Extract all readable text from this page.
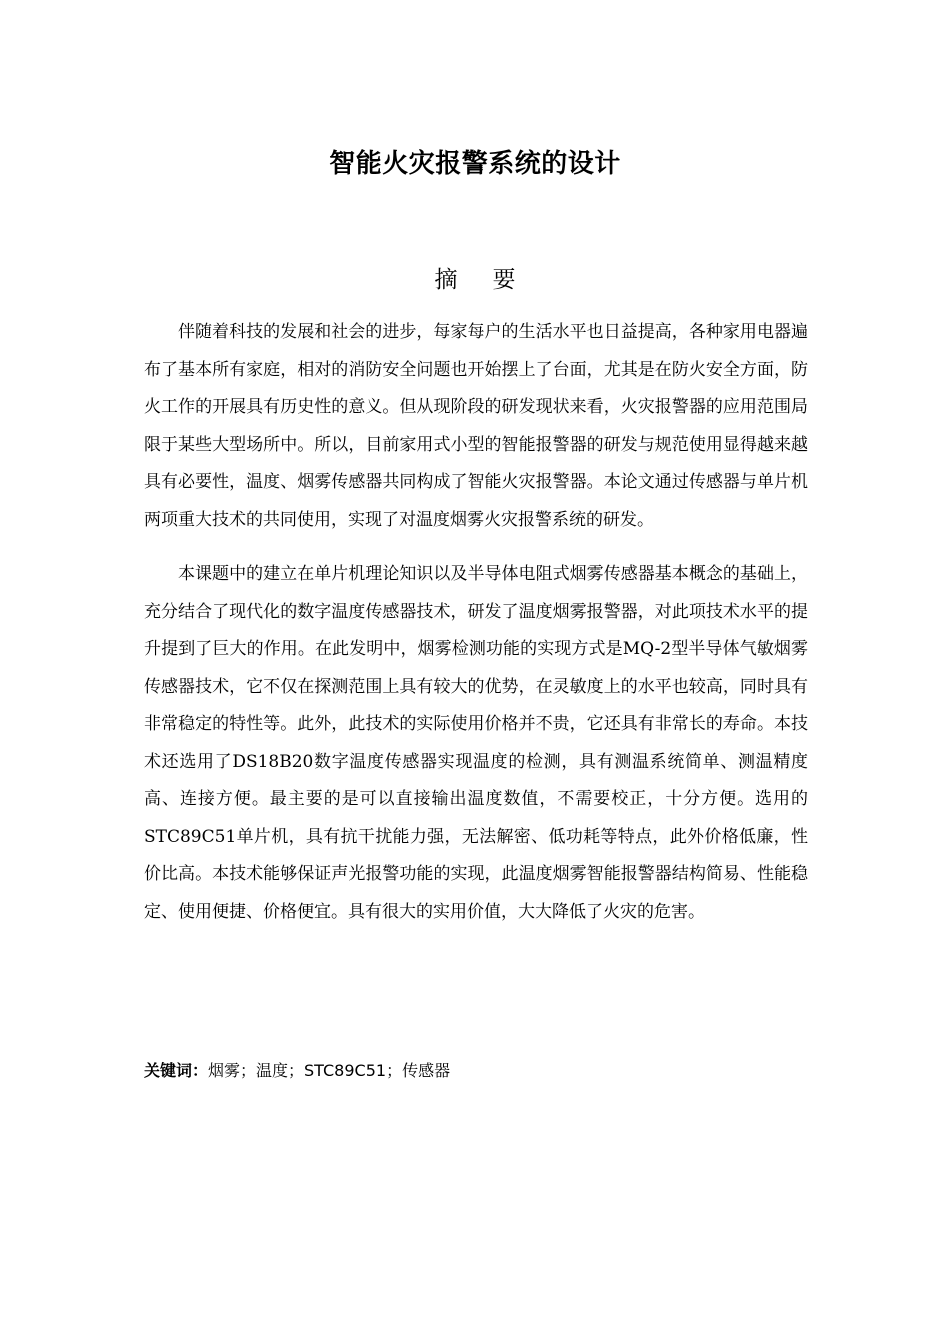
智能火灾报警系统的设计
摘 要

伴随着科技的发展和社会的进步，每家每户的生活水平也日益提高，各种家用电器遍布了基本所有家庭，相对的消防安全问题也开始摆上了台面，尤其是在防火安全方面，防火工作的开展具有历史性的意义。但从现阶段的研发现状来看，火灾报警器的应用范围局限于某些大型场所中。所以，目前家用式小型的智能报警器的研发与规范使用显得越来越具有必要性，温度、烟雾传感器共同构成了智能火灾报警器。本论文通过传感器与单片机两项重大技术的共同使用，实现了对温度烟雾火灾报警系统的研发。

本课题中的建立在单片机理论知识以及半导体电阻式烟雾传感器基本概念的基础上，充分结合了现代化的数字温度传感器技术，研发了温度烟雾报警器，对此项技术水平的提升提到了巨大的作用。在此发明中，烟雾检测功能的实现方式是MQ-2型半导体气敏烟雾传感器技术，它不仅在探测范围上具有较大的优势，在灵敏度上的水平也较高，同时具有非常稳定的特性等。此外，此技术的实际使用价格并不贵，它还具有非常长的寿命。本技术还选用了DS18B20数字温度传感器实现温度的检测，具有测温系统简单、测温精度高、连接方便。最主要的是可以直接输出温度数值，不需要校正，十分方便。选用的STC89C51单片机，具有抗干扰能力强，无法解密、低功耗等特点，此外价格低廉，性价比高。本技术能够保证声光报警功能的实现，此温度烟雾智能报警器结构简易、性能稳定、使用便捷、价格便宜。具有很大的实用价值，大大降低了火灾的危害。

关键词：烟雾；温度；STC89C51；传感器
